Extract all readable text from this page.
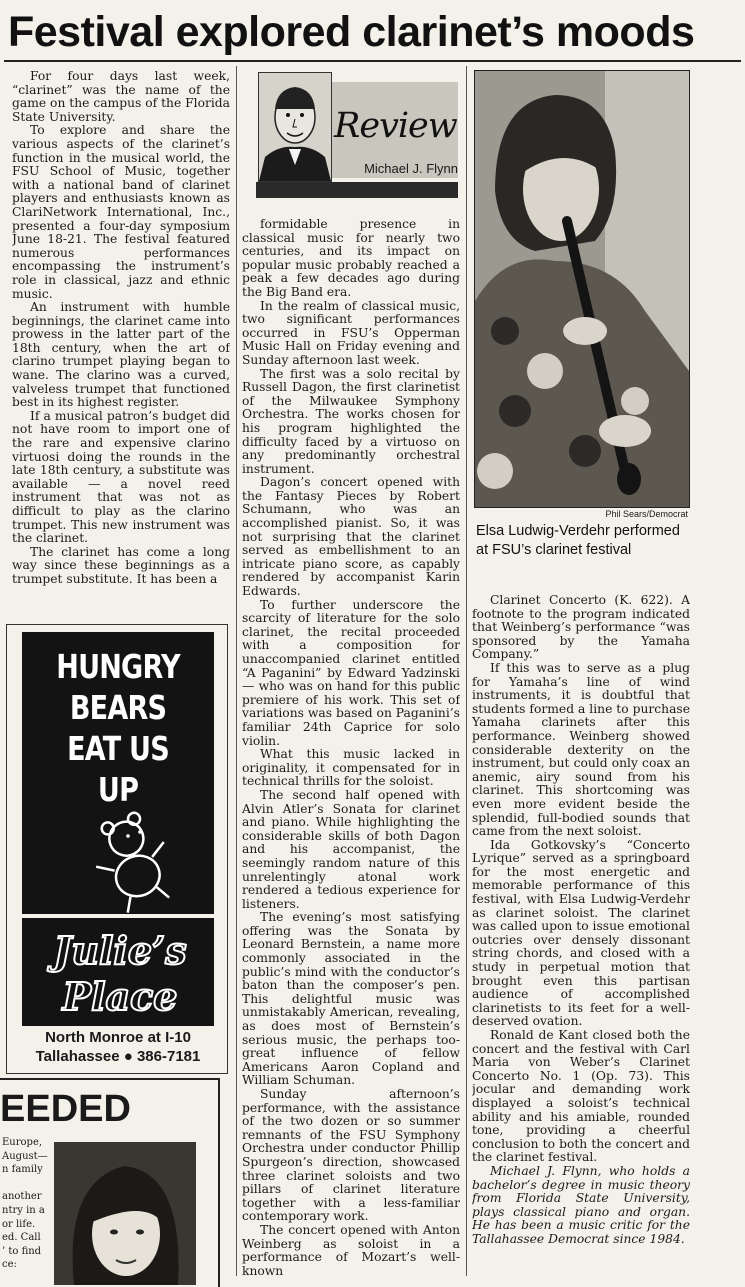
Festival explored clarinet’s moods

For four days last week, “clarinet” was the name of the game on the campus of the Florida State University.

To explore and share the various aspects of the clarinet’s function in the musical world, the FSU School of Music, together with a national band of clarinet players and enthusiasts known as ClariNetwork International, Inc., presented a four-day symposium June 18-21. The festival featured numerous performances encompassing the instrument’s role in classical, jazz and ethnic music.

An instrument with humble beginnings, the clarinet came into prowess in the latter part of the 18th century, when the art of clarino trumpet playing began to wane. The clarino was a curved, valveless trumpet that functioned best in its highest register.

If a musical patron’s budget did not have room to import one of the rare and expensive clarino virtuosi doing the rounds in the late 18th century, a substitute was available — a novel reed instrument that was not as difficult to play as the clarino trumpet. This new instrument was the clarinet.

The clarinet has come a long way since these beginnings as a trumpet substitute. It has been a

Review
Michael J. Flynn

formidable presence in classical music for nearly two centuries, and its impact on popular music probably reached a peak a few decades ago during the Big Band era.

In the realm of classical music, two significant performances occurred in FSU’s Opperman Music Hall on Friday evening and Sunday afternoon last week.

The first was a solo recital by Russell Dagon, the first clarinetist of the Milwaukee Symphony Orchestra. The works chosen for his program highlighted the difficulty faced by a virtuoso on any predominantly orchestral instrument.

Dagon’s concert opened with the Fantasy Pieces by Robert Schumann, who was an accomplished pianist. So, it was not surprising that the clarinet served as embellishment to an intricate piano score, as capably rendered by accompanist Karin Edwards.

To further underscore the scarcity of literature for the solo clarinet, the recital proceeded with a composition for unaccompanied clarinet entitled “A Paganini” by Edward Yadzinski — who was on hand for this public premiere of his work. This set of variations was based on Paganini’s familiar 24th Caprice for solo violin.

What this music lacked in originality, it compensated for in technical thrills for the soloist.

The second half opened with Alvin Atler’s Sonata for clarinet and piano. While highlighting the considerable skills of both Dagon and his accompanist, the seemingly random nature of this unrelentingly atonal work rendered a tedious experience for listeners.

The evening’s most satisfying offering was the Sonata by Leonard Bernstein, a name more commonly associated in the public’s mind with the conductor’s baton than the composer’s pen. This delightful music was unmistakably American, revealing, as does most of Bernstein’s serious music, the perhaps too-great influence of fellow Americans Aaron Copland and William Schuman.

Sunday afternoon’s performance, with the assistance of the two dozen or so summer remnants of the FSU Symphony Orchestra under conductor Phillip Spurgeon’s direction, showcased three clarinet soloists and two pillars of clarinet literature together with a less-familiar contemporary work.

The concert opened with Anton Weinberg as soloist in a performance of Mozart’s well-known

Phil Sears/Democrat
Elsa Ludwig-Verdehr performed at FSU’s clarinet festival

Clarinet Concerto (K. 622). A footnote to the program indicated that Weinberg’s performance “was sponsored by the Yamaha Company.”

If this was to serve as a plug for Yamaha’s line of wind instruments, it is doubtful that students formed a line to purchase Yamaha clarinets after this performance. Weinberg showed considerable dexterity on the instrument, but could only coax an anemic, airy sound from his clarinet. This shortcoming was even more evident beside the splendid, full-bodied sounds that came from the next soloist.

Ida Gotkovsky’s “Concerto Lyrique” served as a springboard for the most energetic and memorable performance of this festival, with Elsa Ludwig-Verdehr as clarinet soloist. The clarinet was called upon to issue emotional outcries over densely dissonant string chords, and closed with a study in perpetual motion that brought even this partisan audience of accomplished clarinetists to its feet for a well-deserved ovation.

Ronald de Kant closed both the concert and the festival with Carl Maria von Weber’s Clarinet Concerto No. 1 (Op. 73). This jocular and demanding work displayed a soloist’s technical ability and his amiable, rounded tone, providing a cheerful conclusion to both the concert and the clarinet festival.

Michael J. Flynn, who holds a bachelor’s degree in music theory from Florida State University, plays classical piano and organ. He has been a music critic for the Tallahassee Democrat since 1984.

HUNGRY
BEARS
EAT US
UP
Julie’s
Place
North Monroe at I-10
Tallahassee ● 386-7181
EEDED
Europe,
August—
n family
another
ntry in a
or life.
ed. Call
’ to find
ce:
